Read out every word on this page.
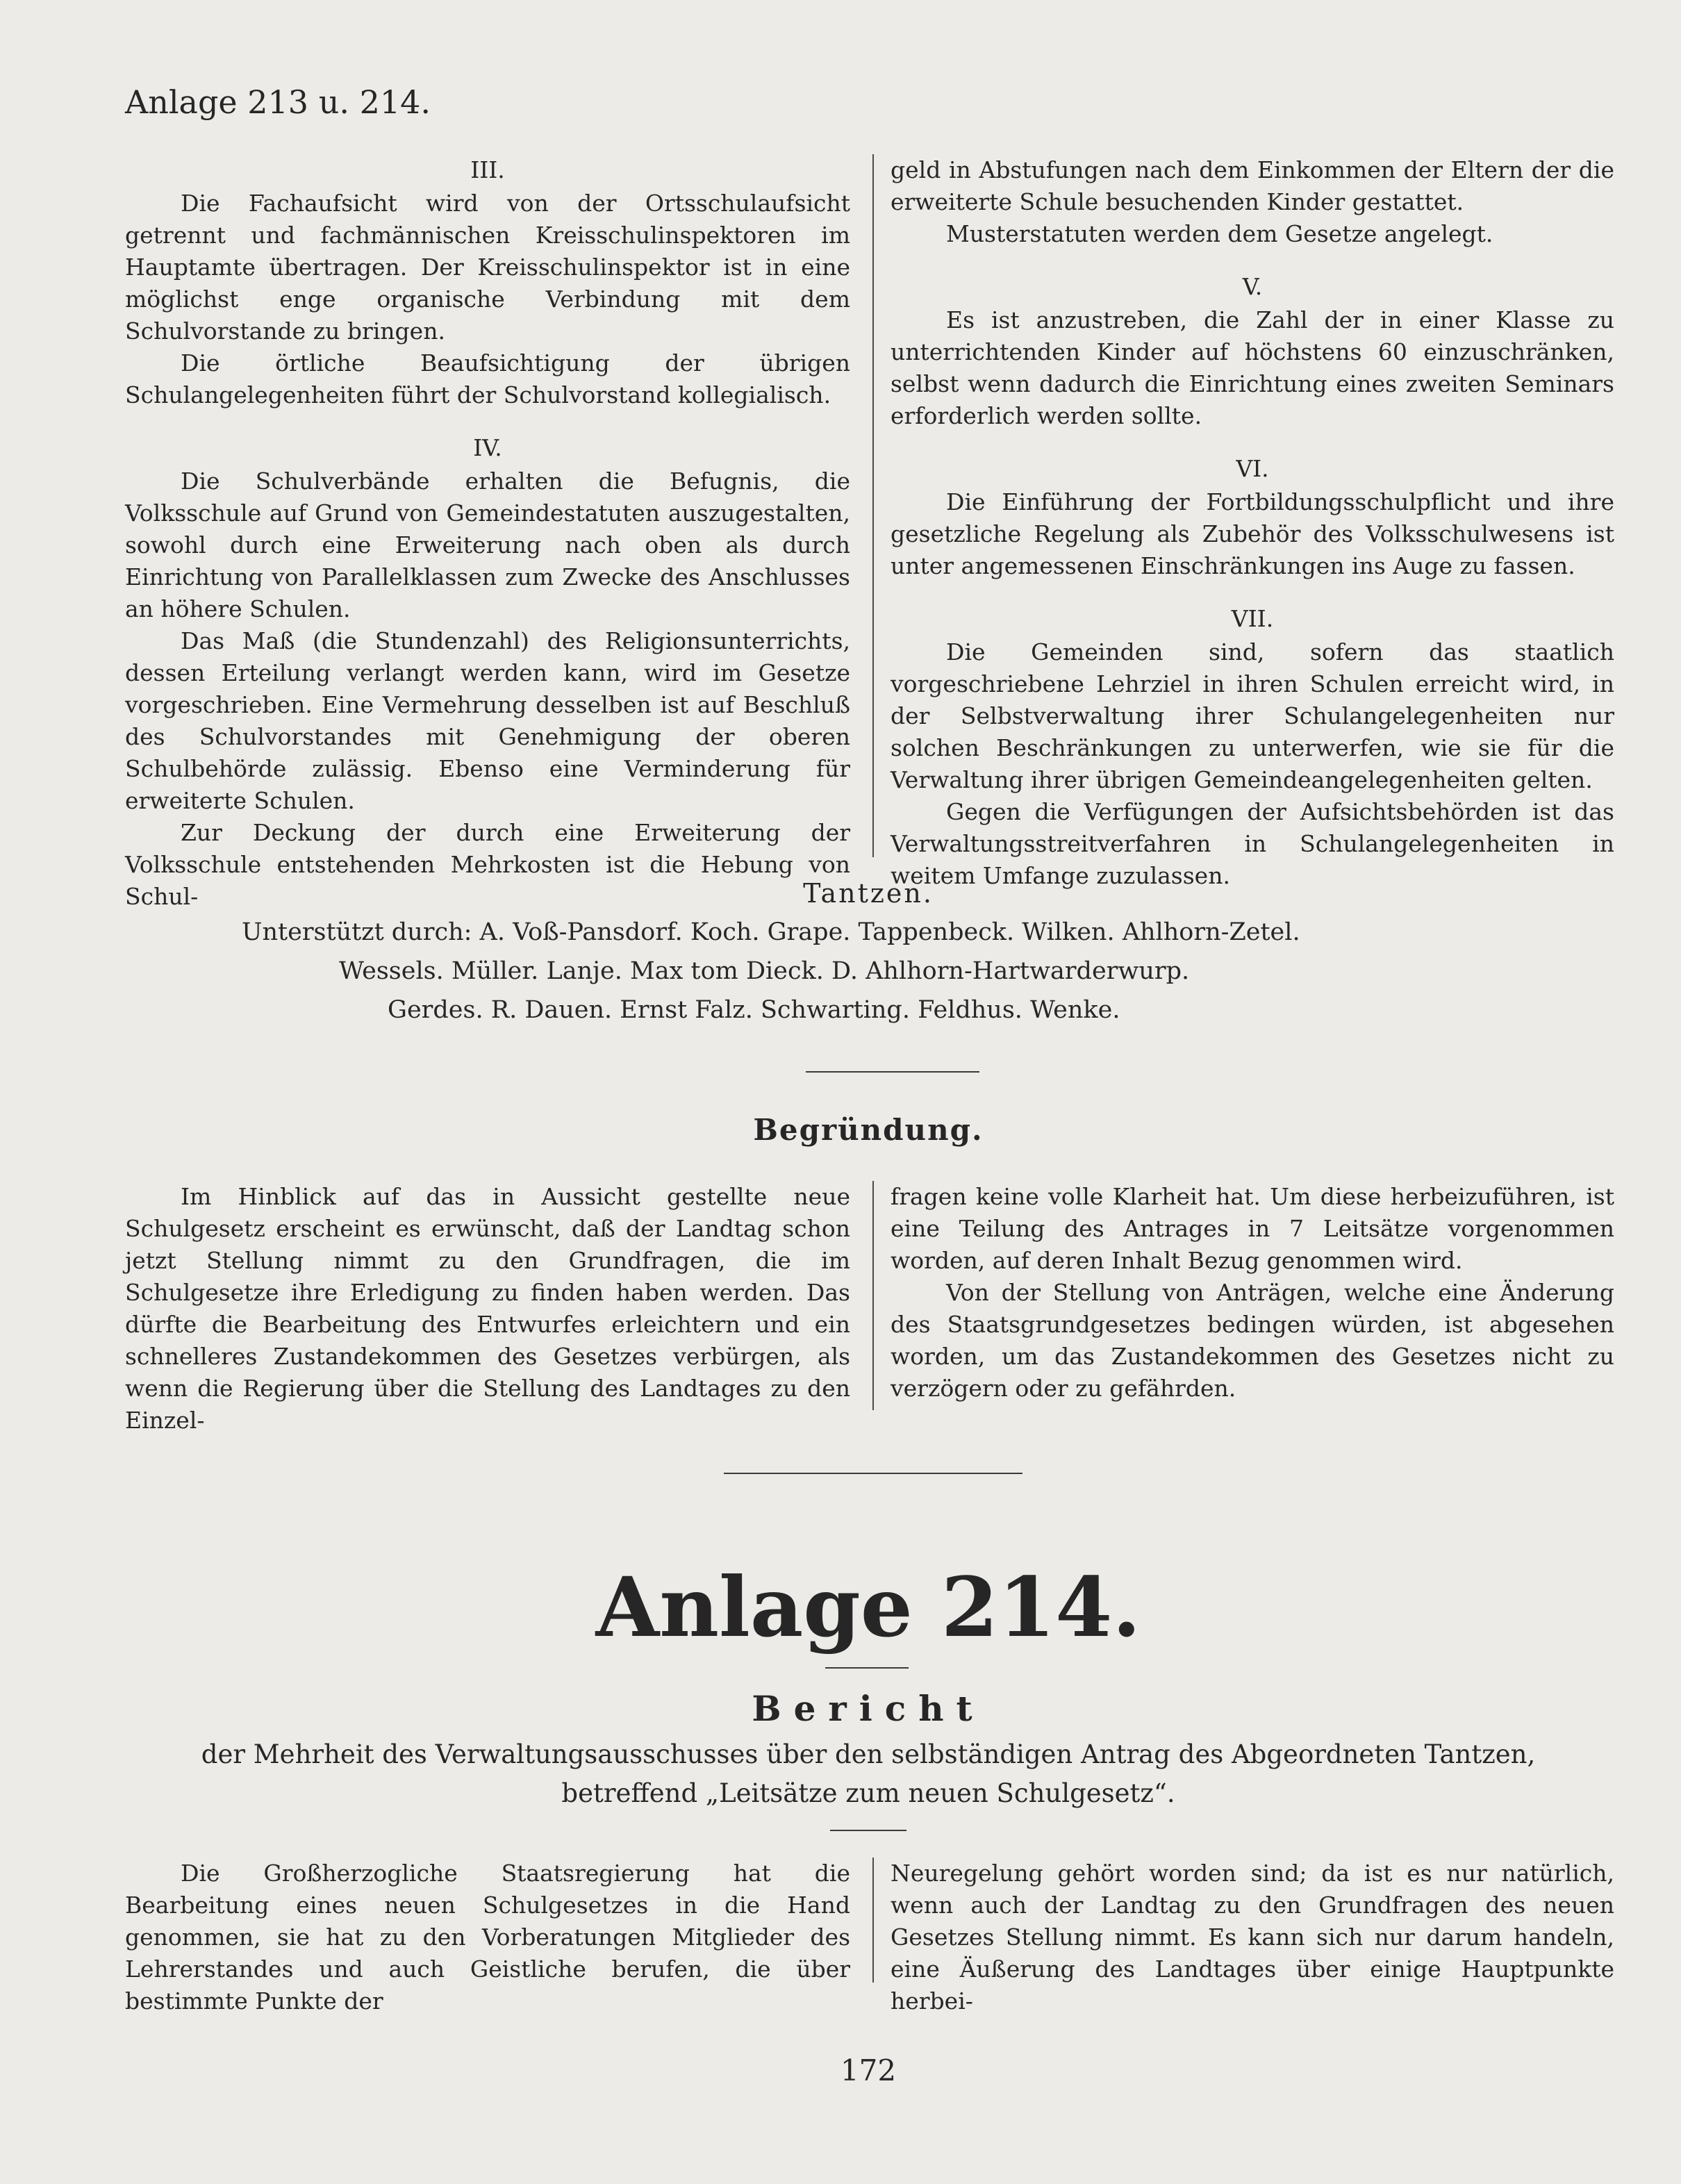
Anlage 213 u. 214.
III.

Die Fachaufsicht wird von der Ortsschulaufsicht getrennt und fachmännischen Kreisschulinspektoren im Hauptamte übertragen. Der Kreisschulinspektor ist in eine möglichst enge organische Verbindung mit dem Schulvorstande zu bringen.

Die örtliche Beaufsichtigung der übrigen Schulangelegenheiten führt der Schulvorstand kollegialisch.

IV.

Die Schulverbände erhalten die Befugnis, die Volksschule auf Grund von Gemeindestatuten auszugestalten, sowohl durch eine Erweiterung nach oben als durch Einrichtung von Parallelklassen zum Zwecke des Anschlusses an höhere Schulen.

Das Maß (die Stundenzahl) des Religionsunterrichts, dessen Erteilung verlangt werden kann, wird im Gesetze vorgeschrieben. Eine Vermehrung desselben ist auf Beschluß des Schulvorstandes mit Genehmigung der oberen Schulbehörde zulässig. Ebenso eine Verminderung für erweiterte Schulen.

Zur Deckung der durch eine Erweiterung der Volksschule entstehenden Mehrkosten ist die Hebung von Schul-

geld in Abstufungen nach dem Einkommen der Eltern der die erweiterte Schule besuchenden Kinder gestattet.

Musterstatuten werden dem Gesetze angelegt.

V.

Es ist anzustreben, die Zahl der in einer Klasse zu unterrichtenden Kinder auf höchstens 60 einzuschränken, selbst wenn dadurch die Einrichtung eines zweiten Seminars erforderlich werden sollte.

VI.

Die Einführung der Fortbildungsschulpflicht und ihre gesetzliche Regelung als Zubehör des Volksschulwesens ist unter angemessenen Einschränkungen ins Auge zu fassen.

VII.

Die Gemeinden sind, sofern das staatlich vorgeschriebene Lehrziel in ihren Schulen erreicht wird, in der Selbstverwaltung ihrer Schulangelegenheiten nur solchen Beschränkungen zu unterwerfen, wie sie für die Verwaltung ihrer übrigen Gemeindeangelegenheiten gelten.

Gegen die Verfügungen der Aufsichtsbehörden ist das Verwaltungsstreitverfahren in Schulangelegenheiten in weitem Umfange zuzulassen.

Tantzen.
Unterstützt durch: A. Voß-Pansdorf. Koch. Grape. Tappenbeck. Wilken. Ahlhorn-Zetel.
Wessels. Müller. Lanje. Max tom Dieck. D. Ahlhorn-Hartwarderwurp.
Gerdes. R. Dauen. Ernst Falz. Schwarting. Feldhus. Wenke.
Begründung.

Im Hinblick auf das in Aussicht gestellte neue Schulgesetz erscheint es erwünscht, daß der Landtag schon jetzt Stellung nimmt zu den Grundfragen, die im Schulgesetze ihre Erledigung zu finden haben werden. Das dürfte die Bearbeitung des Entwurfes erleichtern und ein schnelleres Zustandekommen des Gesetzes verbürgen, als wenn die Regierung über die Stellung des Landtages zu den Einzel-

fragen keine volle Klarheit hat. Um diese herbeizuführen, ist eine Teilung des Antrages in 7 Leitsätze vorgenommen worden, auf deren Inhalt Bezug genommen wird.

Von der Stellung von Anträgen, welche eine Änderung des Staatsgrundgesetzes bedingen würden, ist abgesehen worden, um das Zustandekommen des Gesetzes nicht zu verzögern oder zu gefährden.

Anlage 214.
Bericht
der Mehrheit des Verwaltungsausschusses über den selbständigen Antrag des Abgeordneten Tantzen,
betreffend „Leitsätze zum neuen Schulgesetz“.

Die Großherzogliche Staatsregierung hat die Bearbeitung eines neuen Schulgesetzes in die Hand genommen, sie hat zu den Vorberatungen Mitglieder des Lehrerstandes und auch Geistliche berufen, die über bestimmte Punkte der

Neuregelung gehört worden sind; da ist es nur natürlich, wenn auch der Landtag zu den Grundfragen des neuen Gesetzes Stellung nimmt. Es kann sich nur darum handeln, eine Äußerung des Landtages über einige Hauptpunkte herbei-

172
